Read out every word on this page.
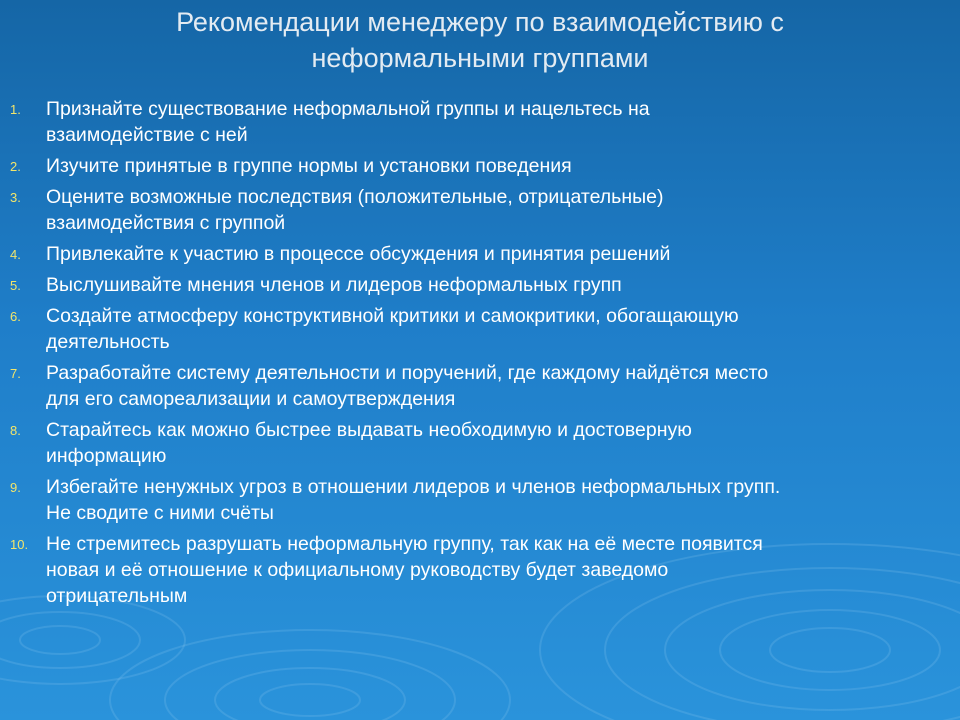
Рекомендации менеджеру по взаимодействию с
неформальными группами
1. Признайте существование неформальной группы и нацельтесь на
взаимодействие с ней
2. Изучите принятые в группе нормы и установки поведения
3. Оцените возможные последствия (положительные, отрицательные)
взаимодействия с группой
4. Привлекайте к участию в процессе обсуждения и принятия решений
5. Выслушивайте мнения членов и лидеров неформальных групп
6. Создайте атмосферу конструктивной критики и самокритики, обогащающую
деятельность
7. Разработайте систему деятельности и поручений, где каждому найдётся место
для его самореализации и самоутверждения
8. Старайтесь как можно быстрее выдавать необходимую и достоверную
информацию
9. Избегайте ненужных угроз в отношении лидеров и членов неформальных групп.
Не сводите с ними счёты
10. Не стремитесь разрушать неформальную группу, так как на её месте появится
новая и её отношение к официальному руководству будет заведомо
отрицательным
